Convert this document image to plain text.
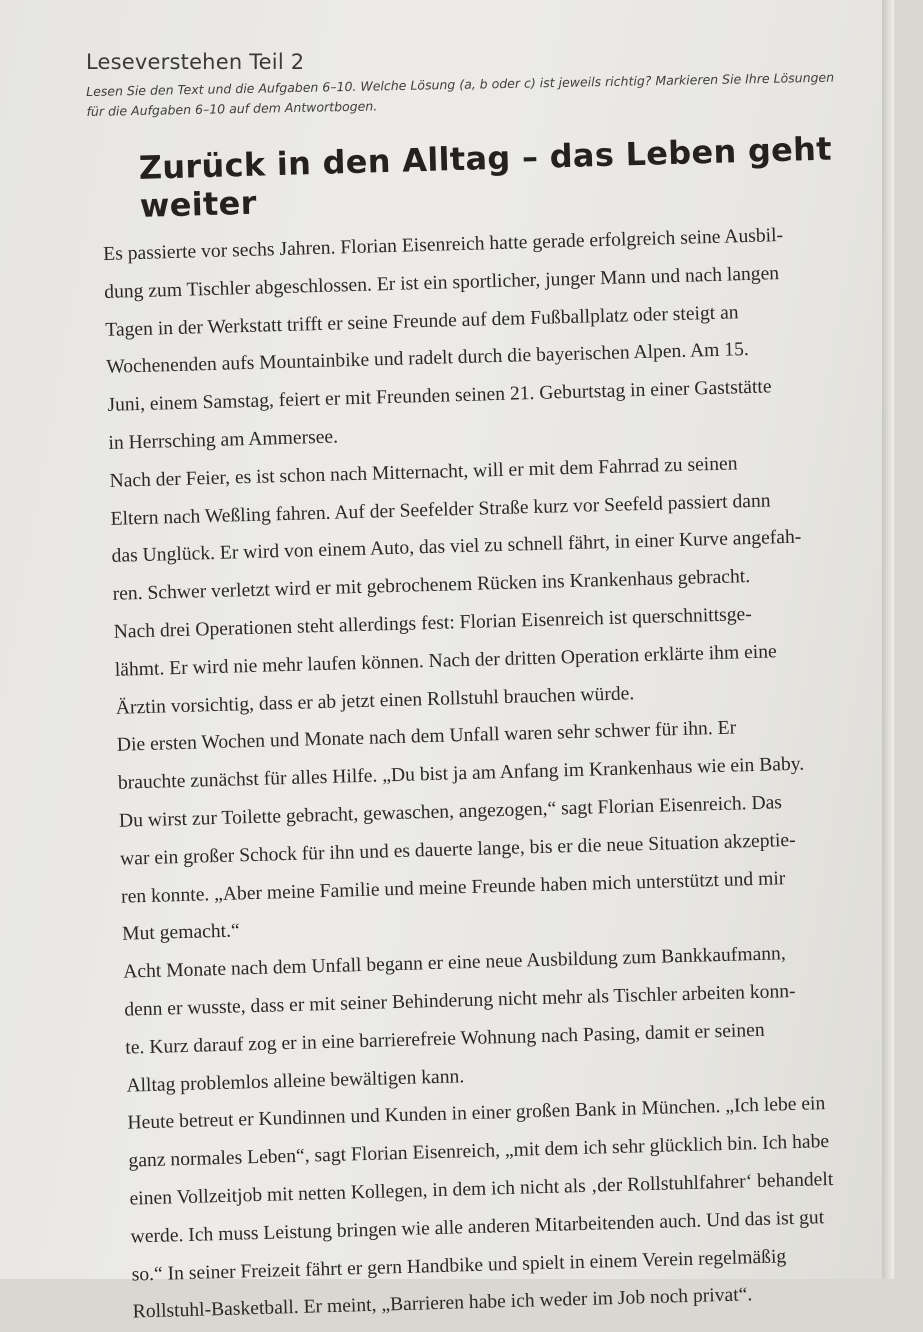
Leseverstehen Teil 2

Lesen Sie den Text und die Aufgaben 6–10. Welche Lösung (a, b oder c) ist jeweils richtig? Markieren Sie Ihre Lösungen
für die Aufgaben 6–10 auf dem Antwortbogen.

Zurück in den Alltag – das Leben geht weiter
Es passierte vor sechs Jahren. Florian Eisenreich hatte gerade erfolgreich seine Ausbil-
dung zum Tischler abgeschlossen. Er ist ein sportlicher, junger Mann und nach langen
Tagen in der Werkstatt trifft er seine Freunde auf dem Fußballplatz oder steigt an
Wochenenden aufs Mountainbike und radelt durch die bayerischen Alpen. Am 15.
Juni, einem Samstag, feiert er mit Freunden seinen 21. Geburtstag in einer Gaststätte
in Herrsching am Ammersee.
Nach der Feier, es ist schon nach Mitternacht, will er mit dem Fahrrad zu seinen
Eltern nach Weßling fahren. Auf der Seefelder Straße kurz vor Seefeld passiert dann
das Unglück. Er wird von einem Auto, das viel zu schnell fährt, in einer Kurve angefah-
ren. Schwer verletzt wird er mit gebrochenem Rücken ins Krankenhaus gebracht.
Nach drei Operationen steht allerdings fest: Florian Eisenreich ist querschnittsge-
lähmt. Er wird nie mehr laufen können. Nach der dritten Operation erklärte ihm eine
Ärztin vorsichtig, dass er ab jetzt einen Rollstuhl brauchen würde.
Die ersten Wochen und Monate nach dem Unfall waren sehr schwer für ihn. Er
brauchte zunächst für alles Hilfe. „Du bist ja am Anfang im Krankenhaus wie ein Baby.
Du wirst zur Toilette gebracht, gewaschen, angezogen,“ sagt Florian Eisenreich. Das
war ein großer Schock für ihn und es dauerte lange, bis er die neue Situation akzeptie-
ren konnte. „Aber meine Familie und meine Freunde haben mich unterstützt und mir
Mut gemacht.“
Acht Monate nach dem Unfall begann er eine neue Ausbildung zum Bankkaufmann,
denn er wusste, dass er mit seiner Behinderung nicht mehr als Tischler arbeiten konn-
te. Kurz darauf zog er in eine barrierefreie Wohnung nach Pasing, damit er seinen
Alltag problemlos alleine bewältigen kann.
Heute betreut er Kundinnen und Kunden in einer großen Bank in München. „Ich lebe ein
ganz normales Leben“, sagt Florian Eisenreich, „mit dem ich sehr glücklich bin. Ich habe
einen Vollzeitjob mit netten Kollegen, in dem ich nicht als ‚der Rollstuhlfahrer‘ behandelt
werde. Ich muss Leistung bringen wie alle anderen Mitarbeitenden auch. Und das ist gut
so.“ In seiner Freizeit fährt er gern Handbike und spielt in einem Verein regelmäßig
Rollstuhl-Basketball. Er meint, „Barrieren habe ich weder im Job noch privat“.
